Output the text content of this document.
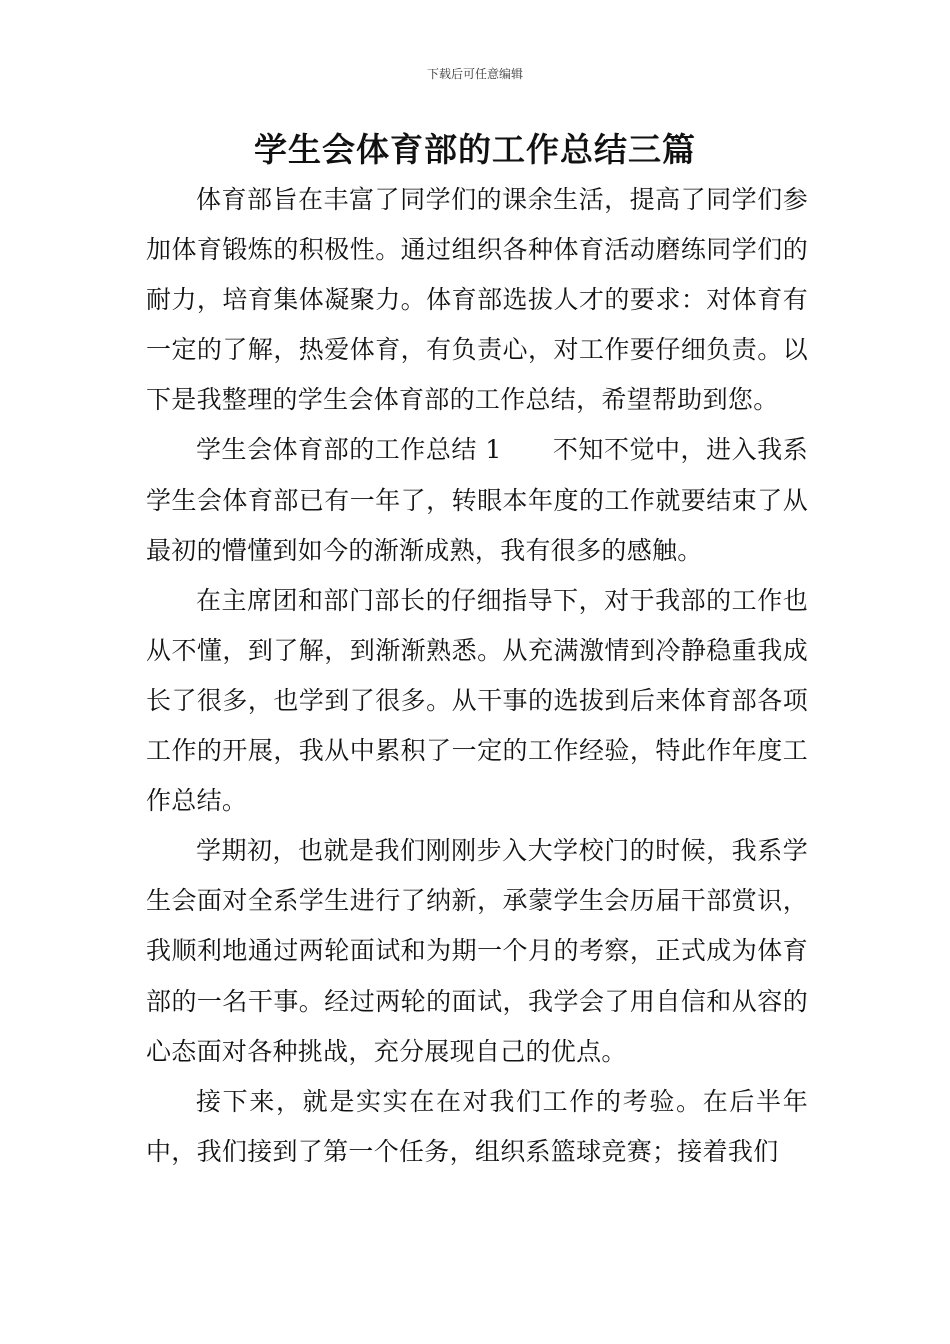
下载后可任意编辑
学生会体育部的工作总结三篇

体育部旨在丰富了同学们的课余生活，提高了同学们参加体育锻炼的积极性。通过组织各种体育活动磨练同学们的耐力，培育集体凝聚力。体育部选拔人才的要求：对体育有一定的了解，热爱体育，有负责心，对工作要仔细负责。以下是我整理的学生会体育部的工作总结，希望帮助到您。

学生会体育部的工作总结 1　　不知不觉中，进入我系学生会体育部已有一年了，转眼本年度的工作就要结束了从最初的懵懂到如今的渐渐成熟，我有很多的感触。

在主席团和部门部长的仔细指导下，对于我部的工作也从不懂，到了解，到渐渐熟悉。从充满激情到冷静稳重我成长了很多，也学到了很多。从干事的选拔到后来体育部各项工作的开展，我从中累积了一定的工作经验，特此作年度工作总结。

学期初，也就是我们刚刚步入大学校门的时候，我系学生会面对全系学生进行了纳新，承蒙学生会历届干部赏识，我顺利地通过两轮面试和为期一个月的考察，正式成为体育部的一名干事。经过两轮的面试，我学会了用自信和从容的心态面对各种挑战，充分展现自己的优点。

接下来，就是实实在在对我们工作的考验。在后半年中，我们接到了第一个任务，组织系篮球竞赛；接着我们
